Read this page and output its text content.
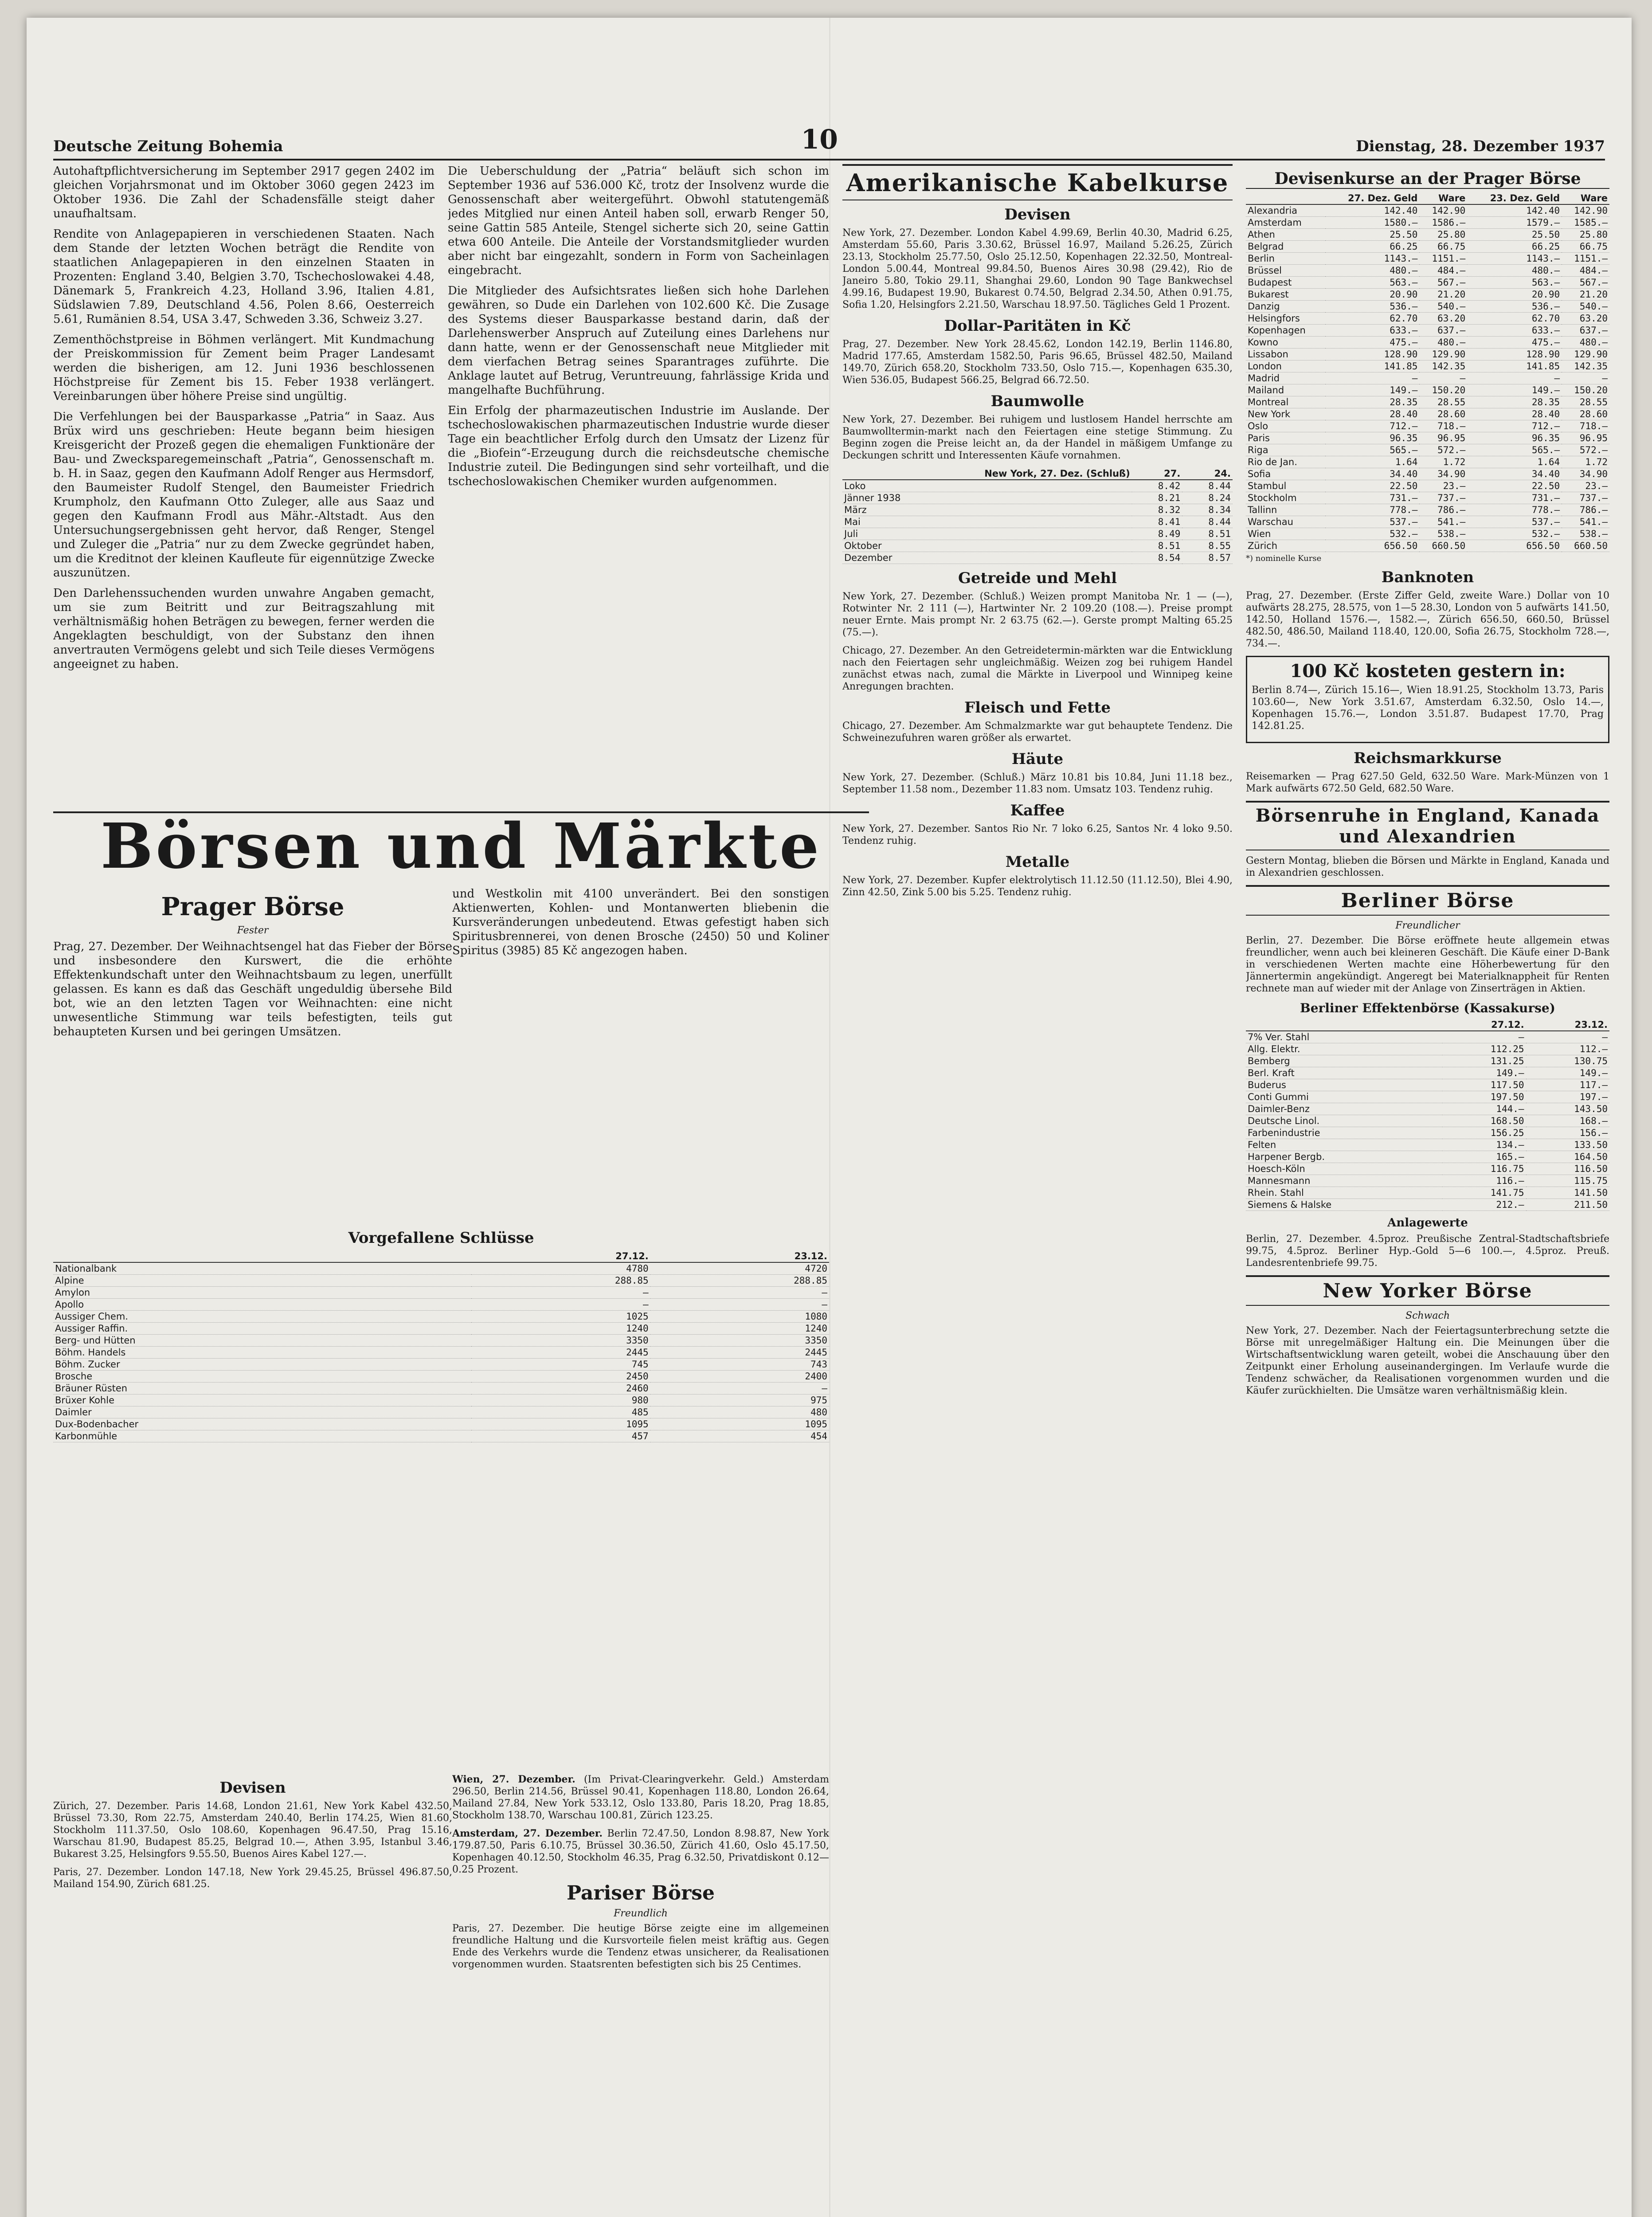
Deutsche Zeitung Bohemia	10	Dienstag, 28. Dezember 1937

Autohaftpflichtversicherung im September 2917 gegen 2402 im gleichen Vorjahrsmonat und im Oktober 3060 gegen 2423 im Oktober 1936. Die Zahl der Schadensfälle steigt daher unaufhaltsam.

Rendite von Anlagepapieren in verschiedenen Staaten. Nach dem Stande der letzten Wochen beträgt die Rendite von staatlichen Anlagepapieren in den einzelnen Staaten in Prozenten: England 3.40, Belgien 3.70, Tschechoslowakei 4.48, Dänemark 5, Frankreich 4.23, Holland 3.96, Italien 4.81, Südslawien 7.89, Deutschland 4.56, Polen 8.66, Oesterreich 5.61, Rumänien 8.54, USA 3.47, Schweden 3.36, Schweiz 3.27.

Zementhöchstpreise in Böhmen verlängert. Mit Kundmachung der Preiskommission für Zement beim Prager Landesamt werden die bisherigen, am 12. Juni 1936 beschlossenen Höchstpreise für Zement bis 15. Feber 1938 verlängert. Vereinbarungen über höhere Preise sind ungültig.

Die Verfehlungen bei der Bausparkasse „Patria“ in Saaz. Aus Brüx wird uns geschrieben: Heute begann beim hiesigen Kreisgericht der Prozeß gegen die ehemaligen Funktionäre der Bau- und Zwecksparegemeinschaft „Patria“, Genossenschaft m. b. H. in Saaz, gegen den Kaufmann Adolf Renger aus Hermsdorf, den Baumeister Rudolf Stengel, den Baumeister Friedrich Krumpholz, den Kaufmann Otto Zuleger, alle aus Saaz und gegen den Kaufmann Frodl aus Mähr.-Altstadt. Aus den Untersuchungsergebnissen geht hervor, daß Renger, Stengel und Zuleger die „Patria“ nur zu dem Zwecke gegründet haben, um die Kreditnot der kleinen Kaufleute für eigennützige Zwecke auszunützen.

Den Darlehenssuchenden wurden unwahre Angaben gemacht, um sie zum Beitritt und zur Beitragszahlung mit verhältnismäßig hohen Beträgen zu bewegen, ferner werden die Angeklagten beschuldigt, von der Substanz den ihnen anvertrauten Vermögens gelebt und sich Teile dieses Vermögens angeeignet zu haben.

Die Ueberschuldung der „Patria“ beläuft sich schon im September 1936 auf 536.000 Kč, trotz der Insolvenz wurde die Genossenschaft aber weitergeführt. Obwohl statutengemäß jedes Mitglied nur einen Anteil haben soll, erwarb Renger 50, seine Gattin 585 Anteile, Stengel sicherte sich 20, seine Gattin etwa 600 Anteile. Die Anteile der Vorstandsmitglieder wurden aber nicht bar eingezahlt, sondern in Form von Sacheinlagen eingebracht.

Die Mitglieder des Aufsichtsrates ließen sich hohe Darlehen gewähren, so Dude ein Darlehen von 102.600 Kč. Die Zusage des Systems dieser Bausparkasse bestand darin, daß der Darlehenswerber Anspruch auf Zuteilung eines Darlehens nur dann hatte, wenn er der Genossenschaft neue Mitglieder mit dem vierfachen Betrag seines Sparantrages zuführte. Die Anklage lautet auf Betrug, Veruntreuung, fahrlässige Krida und mangelhafte Buchführung.

Ein Erfolg der pharmazeutischen Industrie im Auslande. Der tschechoslowakischen pharmazeutischen Industrie wurde dieser Tage ein beachtlicher Erfolg durch den Umsatz der Lizenz für die „Biofein“-Erzeugung durch die reichsdeutsche chemische Industrie zuteil. Die Bedingungen sind sehr vorteilhaft, und die tschechoslowakischen Chemiker wurden aufgenommen.

Börsen und Märkte
Prager Börse
Fester

Prag, 27. Dezember. Der Weihnachtsengel hat das Fieber der Börse und insbesondere den Kurswert, die die erhöhte Effektenkundschaft unter den Weihnachtsbaum zu legen, unerfüllt gelassen. Es kann es daß das Geschäft ungeduldig übersehe Bild bot, wie an den letzten Tagen vor Weihnachten: eine nicht unwesentliche Stimmung war teils befestigten, teils gut behaupteten Kursen und bei geringen Umsätzen.

und Westkolin mit 4100 unverändert. Bei den sonstigen Aktienwerten, Kohlen- und Montanwerten bliebenin die Kursveränderungen unbedeutend. Etwas gefestigt haben sich Spiritusbrennerei, von denen Brosche (2450) 50 und Koliner Spiritus (3985) 85 Kč angezogen haben.

Vorgefallene Schlüsse
	27.12.	23.12.
Nationalbank	4780	4720
Alpine	288.85	288.85
Amylon	—	—
Apollo	—	—
Aussiger Chem.	1025	1080
Aussiger Raffin.	1240	1240
Berg- und Hütten	3350	3350
Böhm. Handels	2445	2445
Böhm. Zucker	745	743
Brosche	2450	2400
Bräuner Rüsten	2460	—
Brüxer Kohle	980	975
Daimler	485	480
Dux-Bodenbacher	1095	1095
Karbonmühle	457	454
Devisen

Zürich, 27. Dezember. Paris 14.68, London 21.61, New York Kabel 432.50, Brüssel 73.30, Rom 22.75, Amsterdam 240.40, Berlin 174.25, Wien 81.60, Stockholm 111.37.50, Oslo 108.60, Kopenhagen 96.47.50, Prag 15.16, Warschau 81.90, Budapest 85.25, Belgrad 10.—, Athen 3.95, Istanbul 3.46, Bukarest 3.25, Helsingfors 9.55.50, Buenos Aires Kabel 127.—.

Paris, 27. Dezember. London 147.18, New York 29.45.25, Brüssel 496.87.50, Mailand 154.90, Zürich 681.25.

Wien, 27. Dezember. (Im Privat-Clearingverkehr. Geld.) Amsterdam 296.50, Berlin 214.56, Brüssel 90.41, Kopenhagen 118.80, London 26.64, Mailand 27.84, New York 533.12, Oslo 133.80, Paris 18.20, Prag 18.85, Stockholm 138.70, Warschau 100.81, Zürich 123.25.

Amsterdam, 27. Dezember. Berlin 72.47.50, London 8.98.87, New York 179.87.50, Paris 6.10.75, Brüssel 30.36.50, Zürich 41.60, Oslo 45.17.50, Kopenhagen 40.12.50, Stockholm 46.35, Prag 6.32.50, Privatdiskont 0.12—0.25 Prozent.

Pariser Börse
Freundlich

Paris, 27. Dezember. Die heutige Börse zeigte eine im allgemeinen freundliche Haltung und die Kursvorteile fielen meist kräftig aus. Gegen Ende des Verkehrs wurde die Tendenz etwas unsicherer, da Realisationen vorgenommen wurden. Staatsrenten befestigten sich bis 25 Centimes.

Amerikanische Kabelkurse
Devisen

New York, 27. Dezember. London Kabel 4.99.69, Berlin 40.30, Madrid 6.25, Amsterdam 55.60, Paris 3.30.62, Brüssel 16.97, Mailand 5.26.25, Zürich 23.13, Stockholm 25.77.50, Oslo 25.12.50, Kopenhagen 22.32.50, Montreal-London 5.00.44, Montreal 99.84.50, Buenos Aires 30.98 (29.42), Rio de Janeiro 5.80, Tokio 29.11, Shanghai 29.60, London 90 Tage Bankwechsel 4.99.16, Budapest 19.90, Bukarest 0.74.50, Belgrad 2.34.50, Athen 0.91.75, Sofia 1.20, Helsingfors 2.21.50, Warschau 18.97.50. Tägliches Geld 1 Prozent.

Dollar-Paritäten in Kč

Prag, 27. Dezember. New York 28.45.62, London 142.19, Berlin 1146.80, Madrid 177.65, Amsterdam 1582.50, Paris 96.65, Brüssel 482.50, Mailand 149.70, Zürich 658.20, Stockholm 733.50, Oslo 715.—, Kopenhagen 635.30, Wien 536.05, Budapest 566.25, Belgrad 66.72.50.

Baumwolle

New York, 27. Dezember. Bei ruhigem und lustlosem Handel herrschte am Baumwolltermin-markt nach den Feiertagen eine stetige Stimmung. Zu Beginn zogen die Preise leicht an, da der Handel in mäßigem Umfange zu Deckungen schritt und Interessenten Käufe vornahmen.

New York, 27. Dez. (Schluß)	27.	24.
Loko	8.42	8.44
Jänner 1938	8.21	8.24
März	8.32	8.34
Mai	8.41	8.44
Juli	8.49	8.51
Oktober	8.51	8.55
Dezember	8.54	8.57
Getreide und Mehl

New York, 27. Dezember. (Schluß.) Weizen prompt Manitoba Nr. 1 — (—), Rotwinter Nr. 2 111 (—), Hartwinter Nr. 2 109.20 (108.—). Preise prompt neuer Ernte. Mais prompt Nr. 2 63.75 (62.—). Gerste prompt Malting 65.25 (75.—).

Chicago, 27. Dezember. An den Getreidetermin-märkten war die Entwicklung nach den Feiertagen sehr ungleichmäßig. Weizen zog bei ruhigem Handel zunächst etwas nach, zumal die Märkte in Liverpool und Winnipeg keine Anregungen brachten.

Fleisch und Fette

Chicago, 27. Dezember. Am Schmalzmarkte war gut behauptete Tendenz. Die Schweinezufuhren waren größer als erwartet.

Häute

New York, 27. Dezember. (Schluß.) März 10.81 bis 10.84, Juni 11.18 bez., September 11.58 nom., Dezember 11.83 nom. Umsatz 103. Tendenz ruhig.

Kaffee

New York, 27. Dezember. Santos Rio Nr. 7 loko 6.25, Santos Nr. 4 loko 9.50. Tendenz ruhig.

Metalle

New York, 27. Dezember. Kupfer elektrolytisch 11.12.50 (11.12.50), Blei 4.90, Zinn 42.50, Zink 5.00 bis 5.25. Tendenz ruhig.

Devisenkurse an der Prager Börse
	27. Dez. Geld	Ware	23. Dez. Geld	Ware
Alexandria	142.40	142.90	142.40	142.90
Amsterdam	1580.—	1586.—	1579.—	1585.—
Athen	25.50	25.80	25.50	25.80
Belgrad	66.25	66.75	66.25	66.75
Berlin	1143.—	1151.—	1143.—	1151.—
Brüssel	480.—	484.—	480.—	484.—
Budapest	563.—	567.—	563.—	567.—
Bukarest	20.90	21.20	20.90	21.20
Danzig	536.—	540.—	536.—	540.—
Helsingfors	62.70	63.20	62.70	63.20
Kopenhagen	633.—	637.—	633.—	637.—
Kowno	475.—	480.—	475.—	480.—
Lissabon	128.90	129.90	128.90	129.90
London	141.85	142.35	141.85	142.35
Madrid	—	—	—	—
Mailand	149.—	150.20	149.—	150.20
Montreal	28.35	28.55	28.35	28.55
New York	28.40	28.60	28.40	28.60
Oslo	712.—	718.—	712.—	718.—
Paris	96.35	96.95	96.35	96.95
Riga	565.—	572.—	565.—	572.—
Rio de Jan.	1.64	1.72	1.64	1.72
Sofia	34.40	34.90	34.40	34.90
Stambul	22.50	23.—	22.50	23.—
Stockholm	731.—	737.—	731.—	737.—
Tallinn	778.—	786.—	778.—	786.—
Warschau	537.—	541.—	537.—	541.—
Wien	532.—	538.—	532.—	538.—
Zürich	656.50	660.50	656.50	660.50
*) nominelle Kurse
Banknoten

Prag, 27. Dezember. (Erste Ziffer Geld, zweite Ware.) Dollar von 10 aufwärts 28.275, 28.575, von 1—5 28.30, London von 5 aufwärts 141.50, 142.50, Holland 1576.—, 1582.—, Zürich 656.50, 660.50, Brüssel 482.50, 486.50, Mailand 118.40, 120.00, Sofia 26.75, Stockholm 728.—, 734.—.

100 Kč kosteten gestern in:

Berlin 8.74—, Zürich 15.16—, Wien 18.91.25, Stockholm 13.73, Paris 103.60—, New York 3.51.67, Amsterdam 6.32.50, Oslo 14.—, Kopenhagen 15.76.—, London 3.51.87. Budapest 17.70, Prag 142.81.25.

Reichsmarkkurse

Reisemarken — Prag 627.50 Geld, 632.50 Ware. Mark-Münzen von 1 Mark aufwärts 672.50 Geld, 682.50 Ware.

Börsenruhe in England, Kanada und Alexandrien

Gestern Montag, blieben die Börsen und Märkte in England, Kanada und in Alexandrien geschlossen.

Berliner Börse
Freundlicher

Berlin, 27. Dezember. Die Börse eröffnete heute allgemein etwas freundlicher, wenn auch bei kleineren Geschäft. Die Käufe einer D-Bank in verschiedenen Werten machte eine Höherbewertung für den Jännertermin angekündigt. Angeregt bei Materialknappheit für Renten rechnete man auf wieder mit der Anlage von Zinserträgen in Aktien.

Berliner Effektenbörse (Kassakurse)
	27.12.	23.12.
7% Ver. Stahl	—	—
Allg. Elektr.	112.25	112.—
Bemberg	131.25	130.75
Berl. Kraft	149.—	149.—
Buderus	117.50	117.—
Conti Gummi	197.50	197.—
Daimler-Benz	144.—	143.50
Deutsche Linol.	168.50	168.—
Farbenindustrie	156.25	156.—
Felten	134.—	133.50
Harpener Bergb.	165.—	164.50
Hoesch-Köln	116.75	116.50
Mannesmann	116.—	115.75
Rhein. Stahl	141.75	141.50
Siemens & Halske	212.—	211.50
Anlagewerte

Berlin, 27. Dezember. 4.5proz. Preußische Zentral-Stadtschaftsbriefe 99.75, 4.5proz. Berliner Hyp.-Gold 5—6 100.—, 4.5proz. Preuß. Landesrentenbriefe 99.75.

New Yorker Börse
Schwach

New York, 27. Dezember. Nach der Feiertagsunterbrechung setzte die Börse mit unregelmäßiger Haltung ein. Die Meinungen über die Wirtschaftsentwicklung waren geteilt, wobei die Anschauung über den Zeitpunkt einer Erholung auseinandergingen. Im Verlaufe wurde die Tendenz schwächer, da Realisationen vorgenommen wurden und die Käufer zurückhielten. Die Umsätze waren verhältnismäßig klein.
